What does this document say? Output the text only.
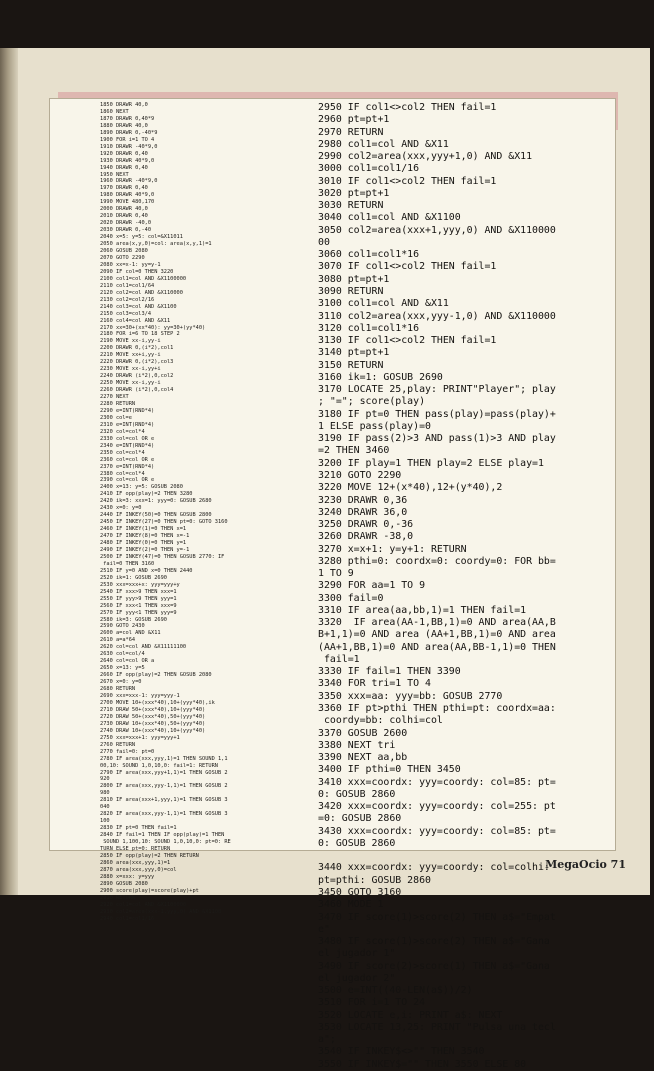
1850 DRAWR 40,0
1860 NEXT
1870 DRAWR 0,40*9
1880 DRAWR 40,0
1890 DRAWR 0,-40*9
1900 FOR i=1 TO 4
1910 DRAWR -40*9,0
1920 DRAWR 0,40
1930 DRAWR 40*9,0
1940 DRAWR 0,40
1950 NEXT
1960 DRAWR -40*9,0
1970 DRAWR 0,40
1980 DRAWR 40*9,0
1990 MOVE 480,170
2000 DRAWR 40,0
2010 DRAWR 0,40
2020 DRAWR -40,0
2030 DRAWR 0,-40
2040 x=5: y=5: col=&X11011
2050 area(x,y,0)=col: area(x,y,1)=1
2060 GOSUB 2080
2070 GOTO 2290
2080 xx=x-1: yy=y-1
2090 IF col=0 THEN 3220
2100 col1=col AND &X1100000
2110 col1=col1/64
2120 col2=col AND &X110000
2130 col2=col2/16
2140 col3=col AND &X1100
2150 col3=col3/4
2160 col4=col AND &X11
2170 xx=30+(xx*40): yy=30+(yy*40)
2180 FOR i=6 TO 18 STEP 2
2190 MOVE xx-i,yy-i
2200 DRAWR 0,(i*2),col1
2210 MOVE xx+i,yy-i
2220 DRAWR 0,(i*2),col3
2230 MOVE xx-i,yy+i
2240 DRAWR (i*2),0,col2
2250 MOVE xx-i,yy-i
2260 DRAWR (i*2),0,col4
2270 NEXT
2280 RETURN
2290 e=INT(RND*4)
2300 col=e
2310 e=INT(RND*4)
2320 col=col*4
2330 col=col OR e
2340 e=INT(RND*4)
2350 col=col*4
2360 col=col OR e
2370 e=INT(RND*4)
2380 col=col*4
2390 col=col OR e
2400 x=13: y=5: GOSUB 2080
2410 IF opp(play)=2 THEN 3280
2420 ik=3: xxx=1: yyy=0: GOSUB 2680
2430 x=0: y=0
2440 IF INKEY(50)=0 THEN GOSUB 2800
2450 IF INKEY(27)=0 THEN pt=0: GOTO 3160
2460 IF INKEY(1)=0 THEN x=1
2470 IF INKEY(8)=0 THEN x=-1
2480 IF INKEY(0)=0 THEN y=1
2490 IF INKEY(2)=0 THEN y=-1
2500 IF INKEY(47)=0 THEN GOSUB 2770: IF
fail=0 THEN 3160
2510 IF y=0 AND x=0 THEN 2440
2520 ik=1: GOSUB 2690
2530 xxx=xxx+x: yyy=yyy+y
2540 IF xxx>9 THEN xxx=1
2550 IF yyy>9 THEN yyy=1
2560 IF xxx<1 THEN xxx=9
2570 IF yyy<1 THEN yyy=9
2580 ik=3: GOSUB 2690
2590 GOTO 2430
2600 a=col AND &X11
2610 a=a*64
2620 col=col AND &X11111100
2630 col=col/4
2640 col=col OR a
2650 x=13: y=5
2660 IF opp(play)=2 THEN GOSUB 2080
2670 x=0: y=0
2680 RETURN
2690 xxx=xxx-1: yyy=yyy-1
2700 MOVE 10+(xxx*40),10+(yyy*40),ik
2710 DRAW 50+(xxx*40),10+(yyy*40)
2720 DRAW 50+(xxx*40),50+(yyy*40)
2730 DRAW 10+(xxx*40),50+(yyy*40)
2740 DRAW 10+(xxx*40),10+(yyy*40)
2750 xxx=xxx+1: yyy=yyy+1
2760 RETURN
2770 fail=0: pt=0
2780 IF area(xxx,yyy,1)=1 THEN SOUND 1,1
00,10: SOUND 1,0,10,0: fail=1: RETURN
2790 IF area(xxx,yyy+1,1)=1 THEN GOSUB 2
920
2800 IF area(xxx,yyy-1,1)=1 THEN GOSUB 2
980
2810 IF area(xxx+1,yyy,1)=1 THEN GOSUB 3
040
2820 IF area(xxx,yyy-1,1)=1 THEN GOSUB 3
100
2830 IF pt=0 THEN fail=1
2840 IF fail=1 THEN IF opp(play)=1 THEN
SOUND 1,100,10: SOUND 1,0,10,0: pt=0: RE
TURN ELSE pt=0: RETURN
2850 IF opp(play)=2 THEN RETURN
2860 area(xxx,yyy,1)=1
2870 area(xxx,yyy,0)=col
2880 x=xxx: y=yyy
2890 GOSUB 2080
2900 score(play)=score(play)+pt
2910 RETURN
2920 col1=col AND &X1100000
2930 col2=area(xxx-1,yyy,0) AND &X1100
2940 col1=col1/16
2950 IF col1<>col2 THEN fail=1
2960 pt=pt+1
2970 RETURN
2980 col1=col AND &X11
2990 col2=area(xxx,yyy+1,0) AND &X11
3000 col1=col1/16
3010 IF col1<>col2 THEN fail=1
3020 pt=pt+1
3030 RETURN
3040 col1=col AND &X1100
3050 col2=area(xxx+1,yyy,0) AND &X110000
00
3060 col1=col1*16
3070 IF col1<>col2 THEN fail=1
3080 pt=pt+1
3090 RETURN
3100 col1=col AND &X11
3110 col2=area(xxx,yyy-1,0) AND &X110000
3120 col1=col1*16
3130 IF col1<>col2 THEN fail=1
3140 pt=pt+1
3150 RETURN
3160 ik=1: GOSUB 2690
3170 LOCATE 25,play: PRINT"Player"; play
; "="; score(play)
3180 IF pt=0 THEN pass(play)=pass(play)+
1 ELSE pass(play)=0
3190 IF pass(2)>3 AND pass(1)>3 AND play
=2 THEN 3460
3200 IF play=1 THEN play=2 ELSE play=1
3210 GOTO 2290
3220 MOVE 12+(x*40),12+(y*40),2
3230 DRAWR 0,36
3240 DRAWR 36,0
3250 DRAWR 0,-36
3260 DRAWR -38,0
3270 x=x+1: y=y+1: RETURN
3280 pthi=0: coordx=0: coordy=0: FOR bb=
1 TO 9
3290 FOR aa=1 TO 9
3300 fail=0
3310 IF area(aa,bb,1)=1 THEN fail=1
3320  IF area(AA-1,BB,1)=0 AND area(AA,B
B+1,1)=0 AND area (AA+1,BB,1)=0 AND area
(AA+1,BB,1)=0 AND area(AA,BB-1,1)=0 THEN
fail=1
3330 IF fail=1 THEN 3390
3340 FOR tri=1 TO 4
3350 xxx=aa: yyy=bb: GOSUB 2770
3360 IF pt>pthi THEN pthi=pt: coordx=aa:
coordy=bb: colhi=col
3370 GOSUB 2600
3380 NEXT tri
3390 NEXT aa,bb
3400 IF pthi=0 THEN 3450
3410 xxx=coordx: yyy=coordy: col=85: pt=
0: GOSUB 2860
3420 xxx=coordx: yyy=coordy: col=255: pt
=0: GOSUB 2860
3430 xxx=coordx: yyy=coordy: col=85: pt=
0: GOSUB 2860

3440 xxx=coordx: yyy=coordy: col=colhi:
pt=pthi: GOSUB 2860
3450 GOTO 3160
3460 MODE 1
3470 IF score(1)>score(2) THEN a$="Empat
e"
3480 IF score(1)>score(2) THEN a$="Gana
el jugador 1"
3490 IF score(2)>score(1) THEN a$="Gana
el jugador 2"
3500 e=INT((40-LEN(a$))/2)
3510 FOR i=1 TO 24
3520 LOCATE e,i: PRINT a$: NEXT
3530 LOCATE 13,25: PRINT "Pulsa una tecl
a";
3540 IF INKEY$<>"" THEN 3540
3550 IF INKEY$="" THEN 3550 ELSE 80
MegaOcio 71
